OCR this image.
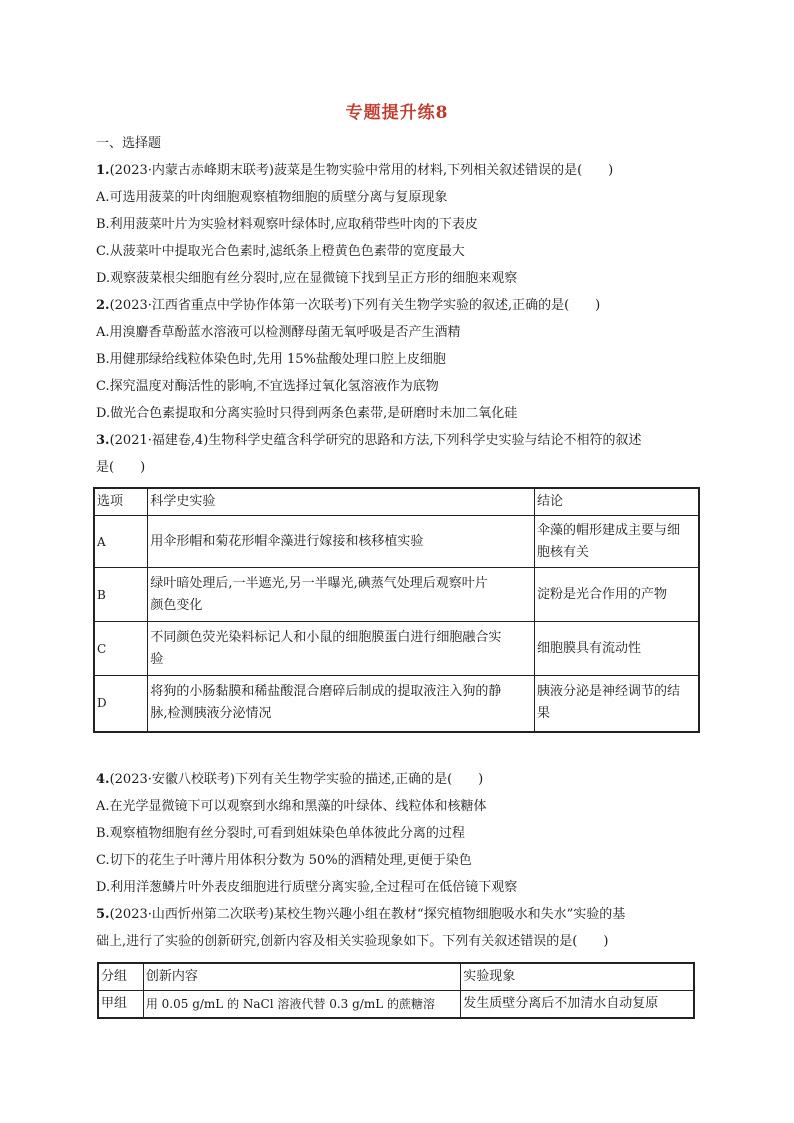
专题提升练8
一、选择题
1.(2023·内蒙古赤峰期末联考)菠菜是生物实验中常用的材料,下列相关叙述错误的是(　　)
A.可选用菠菜的叶肉细胞观察植物细胞的质壁分离与复原现象
B.利用菠菜叶片为实验材料观察叶绿体时,应取稍带些叶肉的下表皮
C.从菠菜叶中提取光合色素时,滤纸条上橙黄色色素带的宽度最大
D.观察菠菜根尖细胞有丝分裂时,应在显微镜下找到呈正方形的细胞来观察
2.(2023·江西省重点中学协作体第一次联考)下列有关生物学实验的叙述,正确的是(　　)
A.用溴麝香草酚蓝水溶液可以检测酵母菌无氧呼吸是否产生酒精
B.用健那绿给线粒体染色时,先用 15%盐酸处理口腔上皮细胞
C.探究温度对酶活性的影响,不宜选择过氧化氢溶液作为底物
D.做光合色素提取和分离实验时只得到两条色素带,是研磨时未加二氧化硅
3.(2021·福建卷,4)生物科学史蕴含科学研究的思路和方法,下列科学史实验与结论不相符的叙述
是(　　)
选项	科学史实验	结论
A	用伞形帽和菊花形帽伞藻进行嫁接和核移植实验	伞藻的帽形建成主要与细
胞核有关
B	绿叶暗处理后,一半遮光,另一半曝光,碘蒸气处理后观察叶片
颜色变化	淀粉是光合作用的产物
C	不同颜色荧光染料标记人和小鼠的细胞膜蛋白进行细胞融合实
验	细胞膜具有流动性
D	将狗的小肠黏膜和稀盐酸混合磨碎后制成的提取液注入狗的静
脉,检测胰液分泌情况	胰液分泌是神经调节的结
果
4.(2023·安徽八校联考)下列有关生物学实验的描述,正确的是(　　)
A.在光学显微镜下可以观察到水绵和黑藻的叶绿体、线粒体和核糖体
B.观察植物细胞有丝分裂时,可看到姐妹染色单体彼此分离的过程
C.切下的花生子叶薄片用体积分数为 50%的酒精处理,更便于染色
D.利用洋葱鳞片叶外表皮细胞进行质壁分离实验,全过程可在低倍镜下观察
5.(2023·山西忻州第二次联考)某校生物兴趣小组在教材“探究植物细胞吸水和失水”实验的基
础上,进行了实验的创新研究,创新内容及相关实验现象如下。下列有关叙述错误的是(　　)
分组	创新内容	实验现象
甲组	用 0.05 g/mL 的 NaCl 溶液代替 0.3 g/mL 的蔗糖溶	发生质壁分离后不加清水自动复原
